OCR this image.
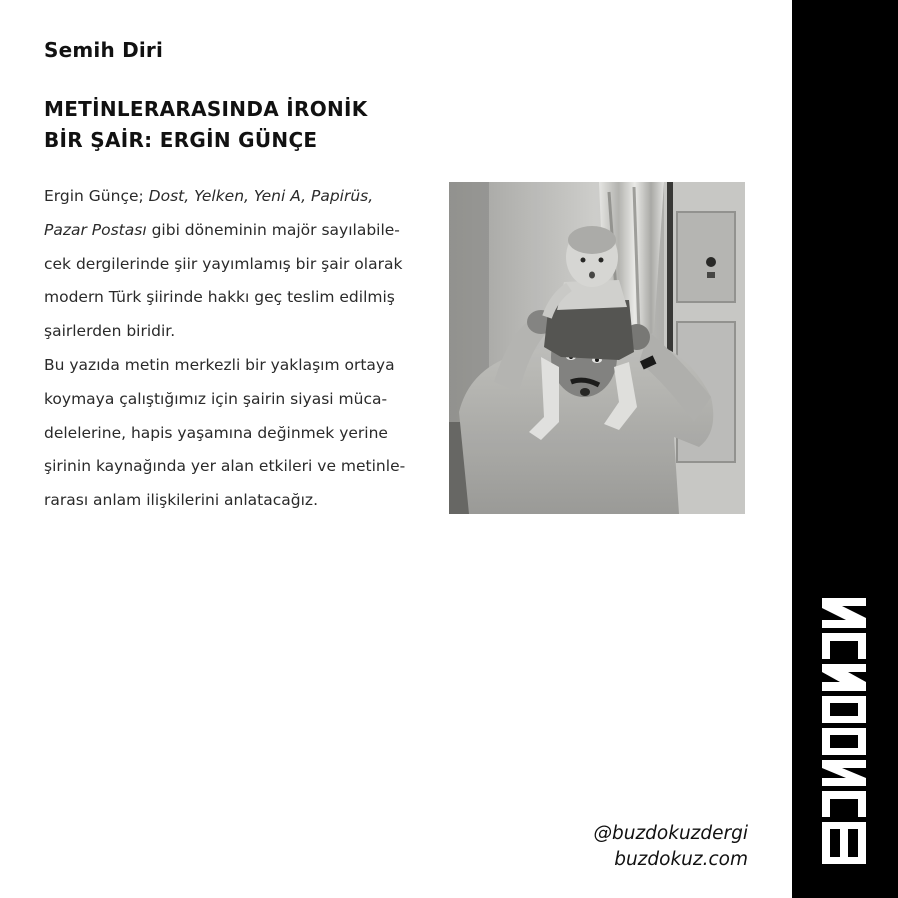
Semih Diri
METİNLERARASINDA İRONİK
BİR ŞAİR: ERGİN GÜNÇE
Ergin Günçe; Dost, Yelken, Yeni A, Papirüs,
Pazar Postası gibi döneminin majör sayılabile-
cek dergilerinde şiir yayımlamış bir şair olarak
modern Türk şiirinde hakkı geç teslim edilmiş
şairlerden biridir.
Bu yazıda metin merkezli bir yaklaşım ortaya
koymaya çalıştığımız için şairin siyasi müca-
delelerine, hapis yaşamına değinmek yerine
şirinin kaynağında yer alan etkileri ve metinle-
rarası anlam ilişkilerini anlatacağız.
@buzdokuzdergi
buzdokuz.com
